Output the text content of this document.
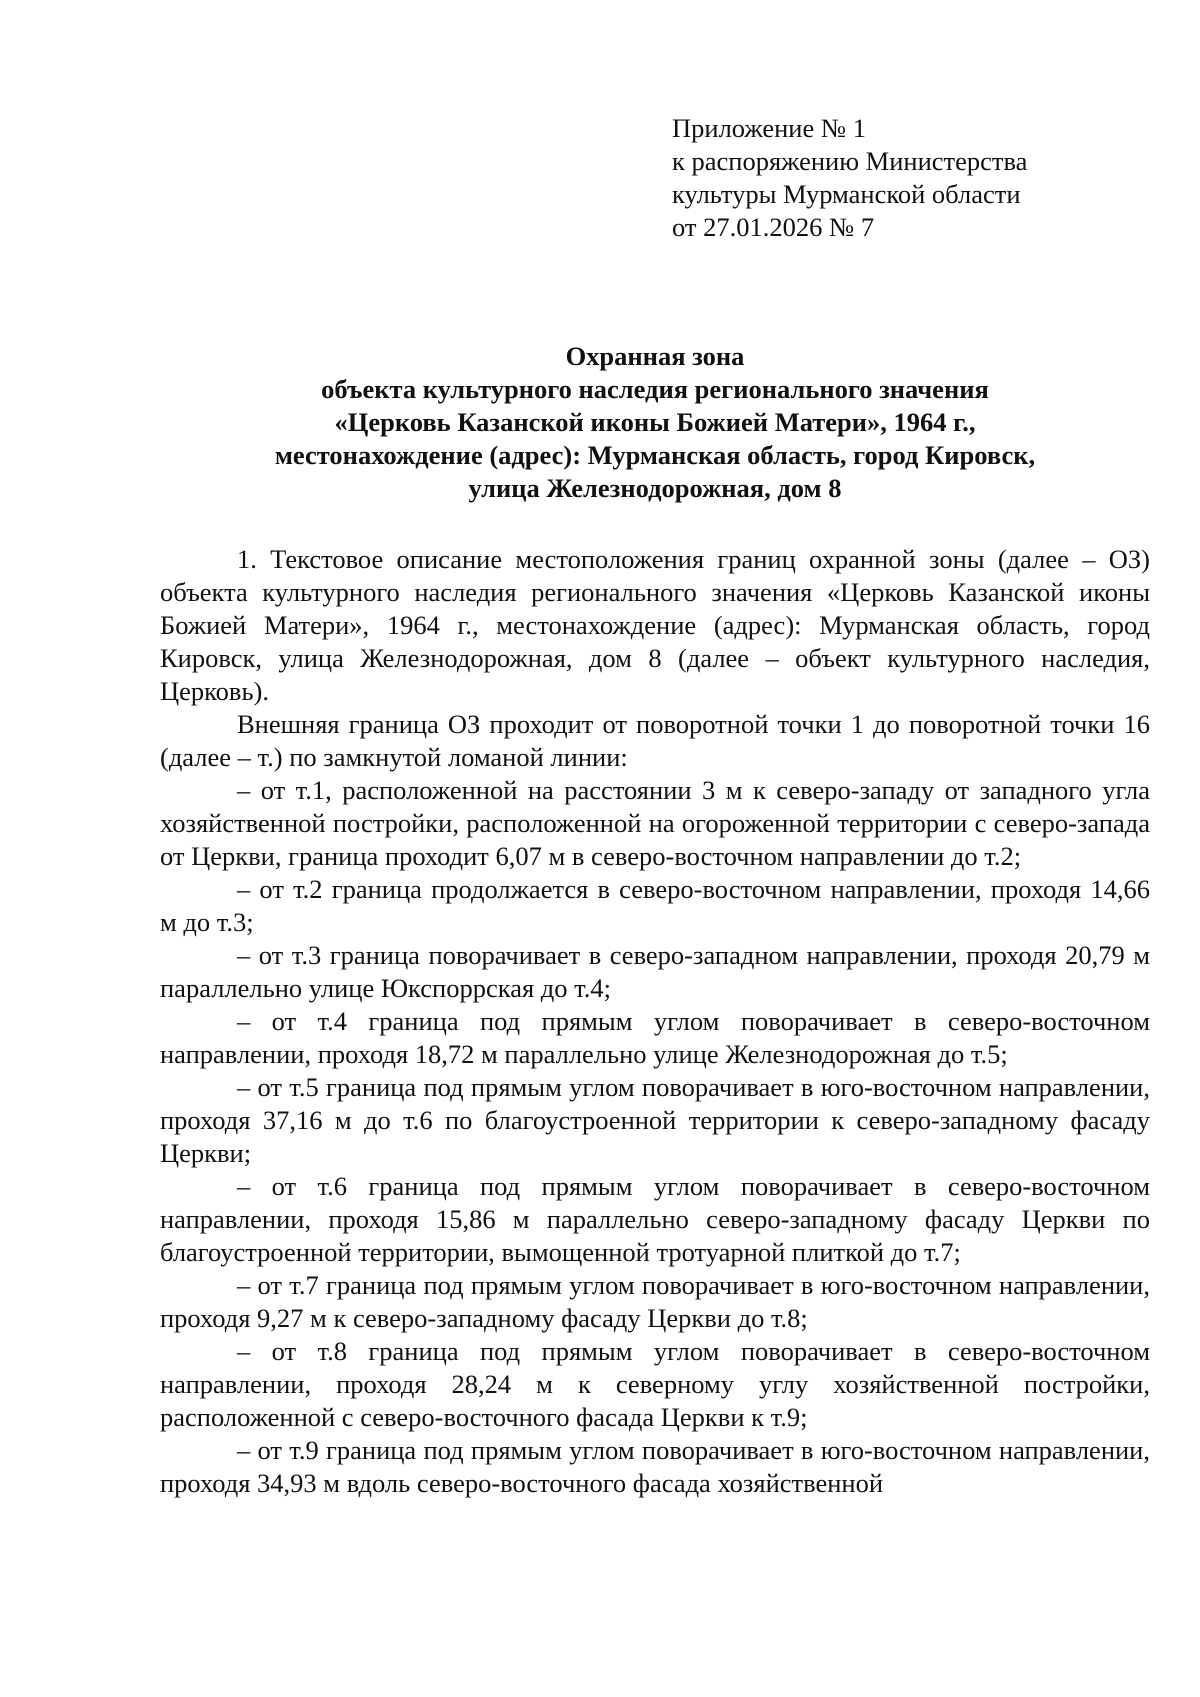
Приложение № 1
к распоряжению Министерства
культуры Мурманской области
от 27.01.2026 № 7
Охранная зона
объекта культурного наследия регионального значения
«Церковь Казанской иконы Божией Матери», 1964 г.,
местонахождение (адрес): Мурманская область, город Кировск,
улица Железнодорожная, дом 8

1. Текстовое описание местоположения границ охранной зоны (далее – ОЗ) объекта культурного наследия регионального значения «Церковь Казанской иконы Божией Матери», 1964 г., местонахождение (адрес): Мурманская область, город Кировск, улица Железнодорожная, дом 8 (далее – объект культурного наследия, Церковь).

Внешняя граница ОЗ проходит от поворотной точки 1 до поворотной точки 16 (далее – т.) по замкнутой ломаной линии:

– от т.1, расположенной на расстоянии 3 м к северо-западу от западного угла хозяйственной постройки, расположенной на огороженной территории с северо-запада от Церкви, граница проходит 6,07 м в северо-восточном направлении до т.2;

– от т.2 граница продолжается в северо-восточном направлении, проходя 14,66 м до т.3;

– от т.3 граница поворачивает в северо-западном направлении, проходя 20,79 м параллельно улице Юкспоррская до т.4;

– от т.4 граница под прямым углом поворачивает в северо-восточном направлении, проходя 18,72 м параллельно улице Железнодорожная до т.5;

– от т.5 граница под прямым углом поворачивает в юго-восточном направлении, проходя 37,16 м до т.6 по благоустроенной территории к северо-западному фасаду Церкви;

– от т.6 граница под прямым углом поворачивает в северо-восточном направлении, проходя 15,86 м параллельно северо-западному фасаду Церкви по благоустроенной территории, вымощенной тротуарной плиткой до т.7;

– от т.7 граница под прямым углом поворачивает в юго-восточном направлении, проходя 9,27 м к северо-западному фасаду Церкви до т.8;

– от т.8 граница под прямым углом поворачивает в северо-восточном направлении, проходя 28,24 м к северному углу хозяйственной постройки, расположенной с северо-восточного фасада Церкви к т.9;

– от т.9 граница под прямым углом поворачивает в юго-восточном направлении, проходя 34,93 м вдоль северо-восточного фасада хозяйственной
